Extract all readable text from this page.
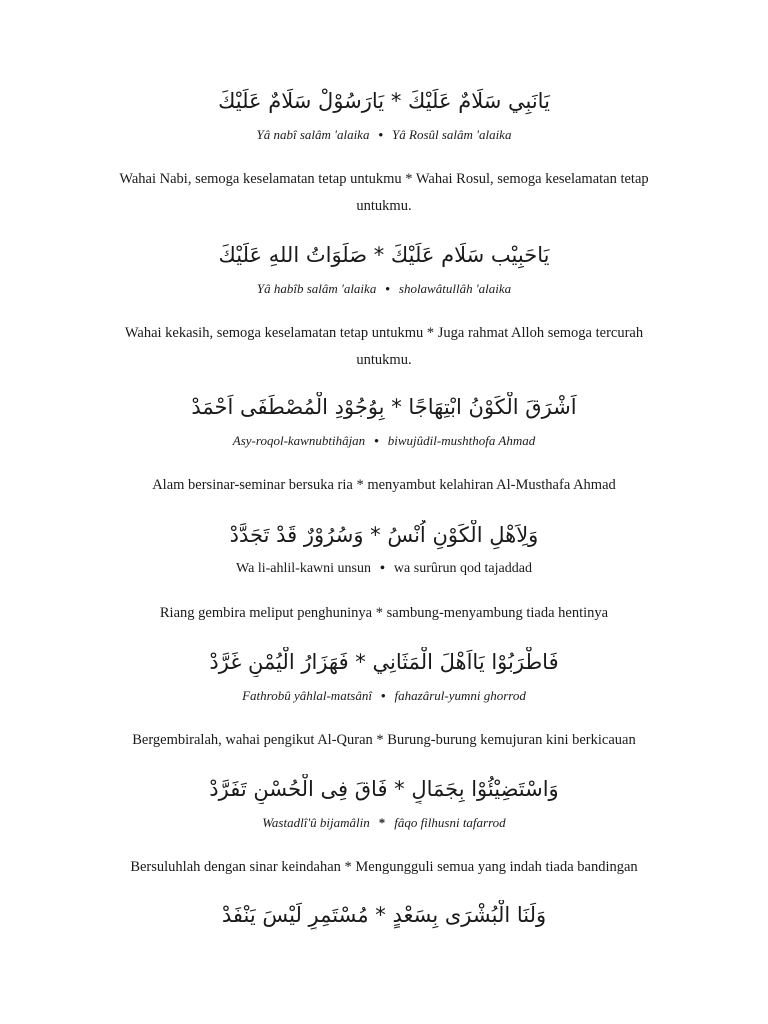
يَانَبِي سَلَامٌ عَلَيْكَ * يَارَسُوْلْ سَلَامٌ عَلَيْكَ
Yâ nabî salâm 'alaika • Yâ Rosûl salâm 'alaika
Wahai Nabi, semoga keselamatan tetap untukmu * Wahai Rosul, semoga keselamatan tetap untukmu.
يَاحَبِيْب سَلَام عَلَيْكَ * صَلَوَاتُ اللهِ عَلَيْكَ
Yâ habîb salâm 'alaika • sholawâtullâh 'alaika
Wahai kekasih, semoga keselamatan tetap untukmu * Juga rahmat Alloh semoga tercurah untukmu.
اَشْرَقَ الْكَوْنُ ابْتِهَاجًا * بِوُجُوْدِ الْمُصْطَفَى اَحْمَدْ
Asy-roqol-kawnubtihâjan • biwujûdil-mushthofa Ahmad
Alam bersinar-seminar bersuka ria * menyambut kelahiran Al-Musthafa Ahmad
وَلِاَهْلِ الْكَوْنِ اُنْسُ * وَسُرُوْرٌ قَدْ تَجَدَّدْ
Wa li-ahlil-kawni unsun • wa surûrun qod tajaddad
Riang gembira meliput penghuninya * sambung-menyambung tiada hentinya
فَاطْرَبُوْا يَااَهْلَ الْمَثَانِي * فَهَزَارُ الْيُمْنِ غَرَّدْ
Fathrobû yâhlal-matsânî • fahazârul-yumni ghorrod
Bergembiralah, wahai pengikut Al-Quran * Burung-burung kemujuran kini berkicauan
وَاسْتَضِيْئُوْا بِجَمَالٍ * فَاقَ فِى الْحُسْنِ تَفَرَّدْ
Wastadlî'û bijamâlin*fâqo filhusni tafarrod
Bersuluhlah dengan sinar keindahan * Mengungguli semua yang indah tiada bandingan
وَلَنَا الْبُشْرَى بِسَعْدٍ * مُسْتَمِرٍ لَيْسَ يَنْفَدْ
